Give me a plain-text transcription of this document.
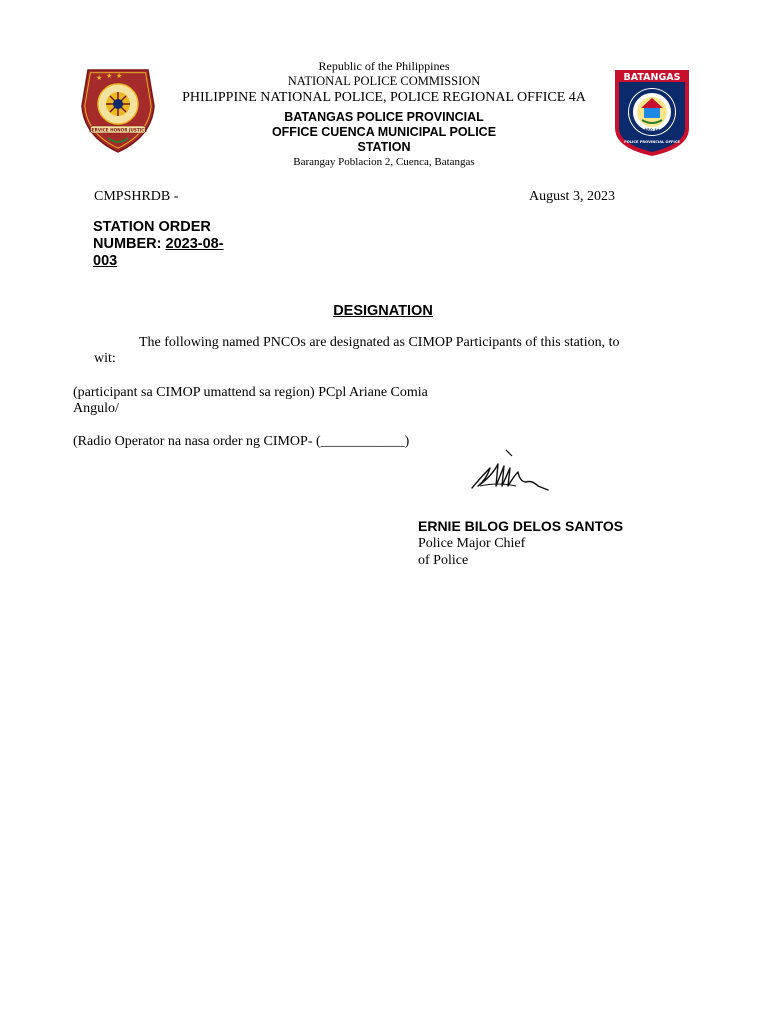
★ ★ ★
SERVICE HONOR JUSTICE
BATANGAS
PRO 4A
POLICE PROVINCIAL OFFICE
Republic of the Philippines
NATIONAL POLICE COMMISSION
PHILIPPINE NATIONAL POLICE, POLICE REGIONAL OFFICE 4A
BATANGAS POLICE PROVINCIAL
OFFICE CUENCA MUNICIPAL POLICE
STATION
Barangay Poblacion 2, Cuenca, Batangas
CMPSHRDB -	August 3, 2023
STATION ORDER
NUMBER: 2023-08-
003
DESIGNATION
The following named PNCOs are designated as CIMOP Participants of this station, to
wit:
(participant sa CIMOP umattend sa region) PCpl Ariane Comia
Angulo/
(Radio Operator na nasa order ng CIMOP- (____________)
ERNIE BILOG DELOS SANTOS
Police Major Chief
of Police
